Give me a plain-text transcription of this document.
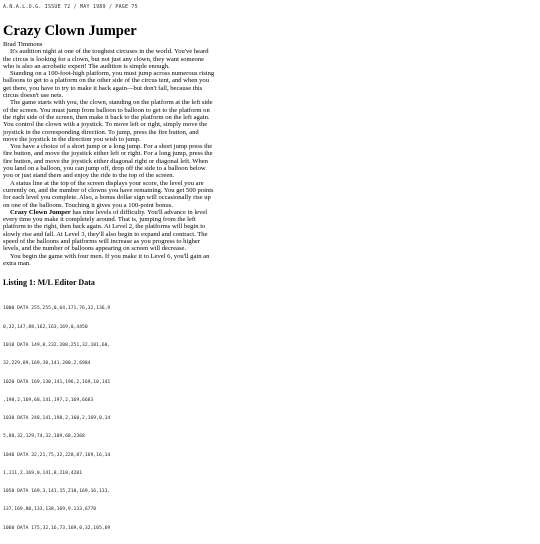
A.N.A.L.O.G. ISSUE 72 / MAY 1989 / PAGE 75
Crazy Clown Jumper
Brad Timmons

It's audition night at one of the toughest circuses in the world. You've heard the circus is looking for a clown, but not just any clown, they want someone who is also an acrobatic expert! The audition is simple enough.

Standing on a 100-foot-high platform, you must jump across numerous rising balloons to get to a platform on the other side of the circus tent, and when you get there, you have to try to make it back again—but don't fall, because this circus doesn't use nets.

The game starts with you, the clown, standing on the platform at the left side of the screen. You must jump from balloon to balloon to get to the platform on the right side of the screen, then make it back to the platform on the left again. You control the clown with a joystick. To move left or right, simply move the joystick in the corresponding direction. To jump, press the fire button, and move the joystick in the direction you wish to jump.

You have a choice of a short jump or a long jump. For a short jump press the fire button, and move the joystick either left or right. For a long jump, press the fire button, and move the joystick either diagonal right or diagonal left. When you land on a balloon, you can jump off, drop off the side to a balloon below you or just stand there and enjoy the ride to the top of the screen.

A status line at the top of the screen displays your score, the level you are currently on, and the number of clowns you have remaining. You get 500 points for each level you complete. Also, a bonus dollar sign will occasionally rise up on one of the balloons. Touching it gives you a 100-point bonus.

Crazy Clown Jumper has nine levels of difficulty. You'll advance in level every time you make it completely around. That is, jumping from the left platform to the right, then back again. At Level 2, the platforms will begin to slowly rise and fall. At Level 3, they'll also begin to expand and contract. The speed of the balloons and platforms will increase as you progress to higher levels, and the number of balloons appearing on screen will decrease.

You begin the game with four men. If you make it to Level 6, you'll gain an extra man.

Listing 1: M/L Editor Data

1000 DATA 255,255,0,64,171,76,32,136,9

0,32,147,88,162,163,169,0,4450

1010 DATA 149,0,232,208,251,32,181,60,

32,229,89,169,30,141,200,2,6984

1020 DATA 169,130,141,196,2,169,10,141

,198,2,169,68,141,197,2,169,6683

1030 DATA 248,141,198,2,160,2,169,0,14

5,88,32,129,74,32,109,68,2368

1040 DATA 32,21,75,32,228,87,169,16,14

1,111,2,169,0,141,8,210,4201

1050 DATA 169,3,141,15,210,169,16,133,

137,169,80,133,138,169,9,133,6770

1060 DATA 175,32,16,73,169,0,32,105,69
